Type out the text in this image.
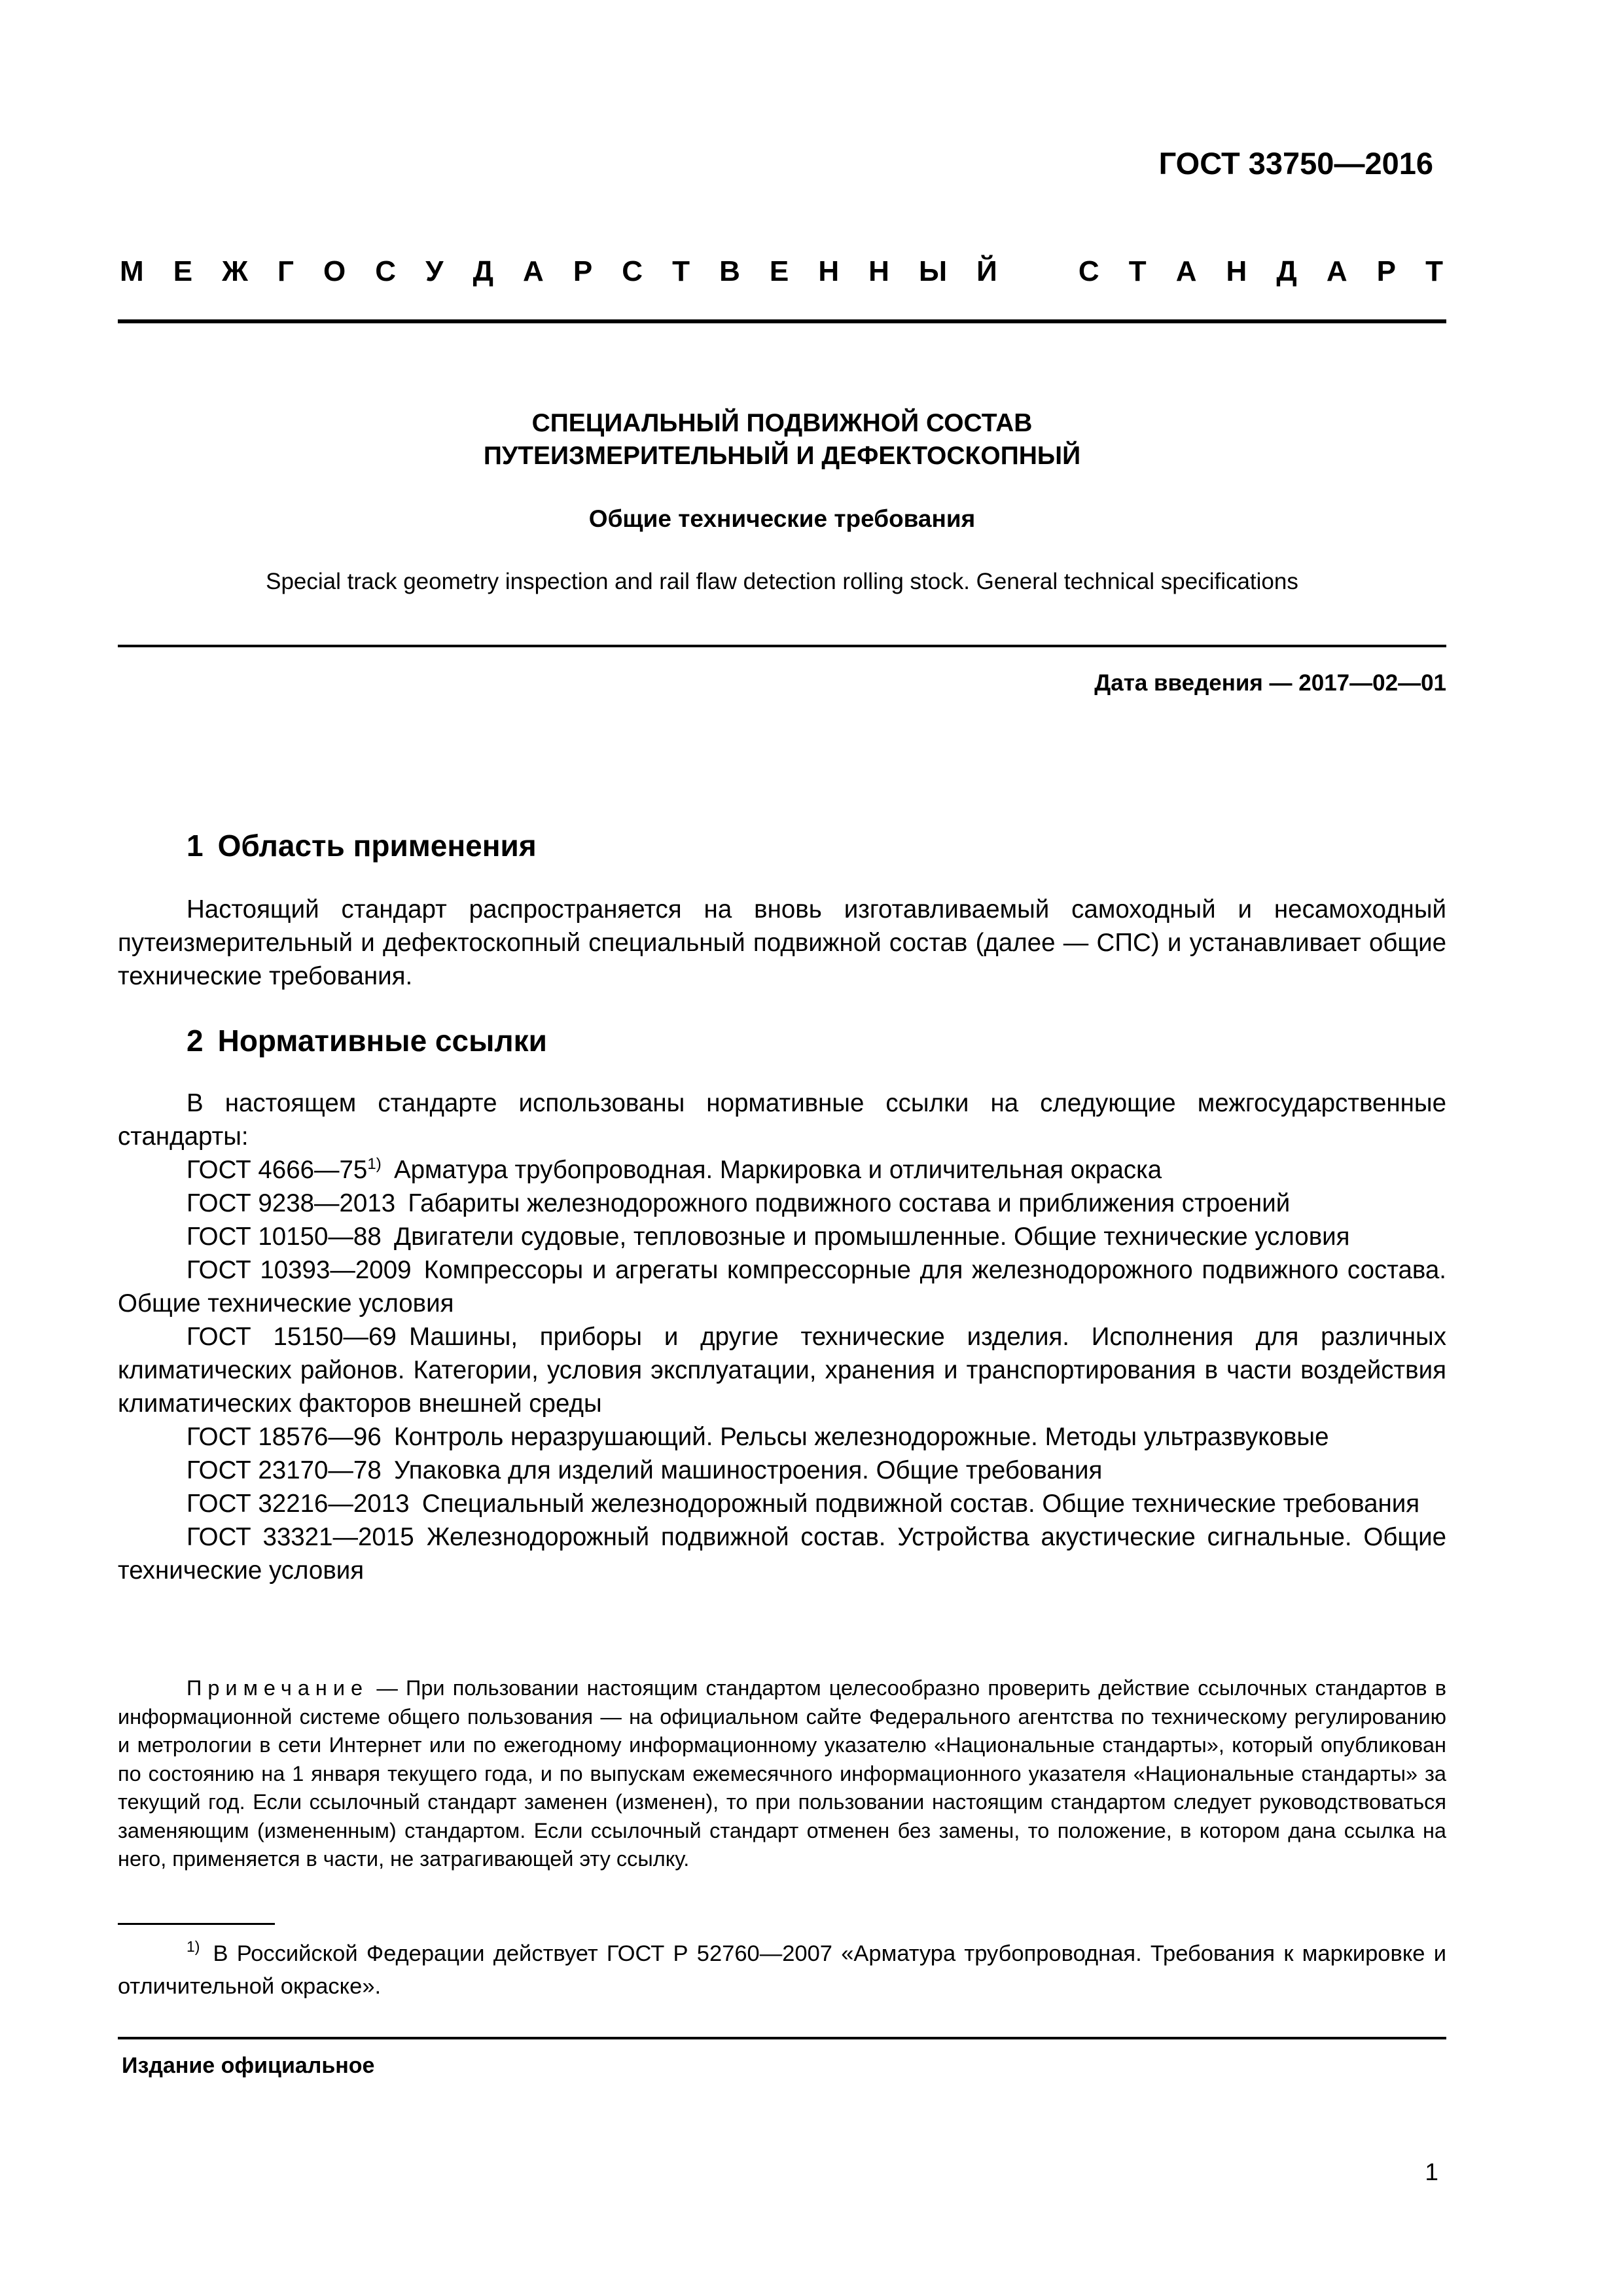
ГОСТ 33750—2016
М Е Ж Г О С У Д А Р С Т В Е Н Н Ы Й	С Т А Н Д А Р Т
СПЕЦИАЛЬНЫЙ ПОДВИЖНОЙ СОСТАВ
ПУТЕИЗМЕРИТЕЛЬНЫЙ И ДЕФЕКТОСКОПНЫЙ
Общие технические требования
Special track geometry inspection and rail flaw detection rolling stock. General technical specifications
Дата введения — 2017—02—01
1 Область применения

Настоящий стандарт распространяется на вновь изготавливаемый самоходный и несамоходный путеизмерительный и дефектоскопный специальный подвижной состав (далее — СПС) и устанавливает общие технические требования.

2 Нормативные ссылки

В настоящем стандарте использованы нормативные ссылки на следующие межгосударственные стандарты:

ГОСТ 4666—75$^{1)}$  Арматура трубопроводная. Маркировка и отличительная окраска

ГОСТ 9238—2013  Габариты железнодорожного подвижного состава и приближения строений

ГОСТ 10150—88  Двигатели судовые, тепловозные и промышленные. Общие технические условия

ГОСТ 10393—2009  Компрессоры и агрегаты компрессорные для железнодорожного подвижного состава. Общие технические условия

ГОСТ 15150—69  Машины, приборы и другие технические изделия. Исполнения для различных климатических районов. Категории, условия эксплуатации, хранения и транспортирования в части воздействия климатических факторов внешней среды

ГОСТ 18576—96  Контроль неразрушающий. Рельсы железнодорожные. Методы ультразвуковые

ГОСТ 23170—78  Упаковка для изделий машиностроения. Общие требования

ГОСТ 32216—2013  Специальный железнодорожный подвижной состав. Общие технические требования

ГОСТ 33321—2015  Железнодорожный подвижной состав. Устройства акустические сигнальные. Общие технические условия

Примечание — При пользовании настоящим стандартом целесообразно проверить действие ссылочных стандартов в информационной системе общего пользования — на официальном сайте Федерального агентства по техническому регулированию и метрологии в сети Интернет или по ежегодному информационному указателю «Национальные стандарты», который опубликован по состоянию на 1 января текущего года, и по выпускам ежемесячного информационного указателя «Национальные стандарты» за текущий год. Если ссылочный стандарт заменен (изменен), то при пользовании настоящим стандартом следует руководствоваться заменяющим (измененным) стандартом. Если ссылочный стандарт отменен без замены, то положение, в котором дана ссылка на него, применяется в части, не затрагивающей эту ссылку.

$^{1)}$ В Российской Федерации действует ГОСТ Р 52760—2007 «Арматура трубопроводная. Требования к маркировке и отличительной окраске».

Издание официальное
1
